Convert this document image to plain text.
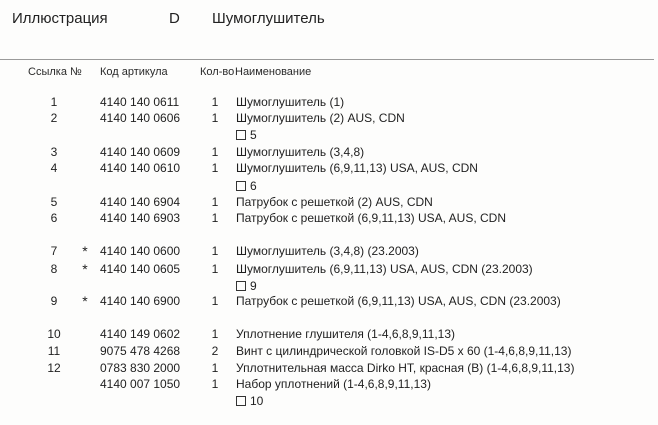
Иллюстрация	D Шумоглушитель
Ссылка № Код артикула	Кол-во Наименование
1	4140 140 0611	1	Шумоглушитель (1)
2	4140 140 0606	1	Шумоглушитель (2) AUS, CDN
5
3	4140 140 0609	1	Шумоглушитель (3,4,8)
4	4140 140 0610	1	Шумоглушитель (6,9,11,13) USA, AUS, CDN
6
5	4140 140 6904	1	Патрубок с решеткой (2) AUS, CDN
6	4140 140 6903	1	Патрубок с решеткой (6,9,11,13) USA, AUS, CDN
7	*	4140 140 0600	1	Шумоглушитель (3,4,8) (23.2003)
8	*	4140 140 0605	1	Шумоглушитель (6,9,11,13) USA, AUS, CDN (23.2003)
9
9	*	4140 140 6900	1	Патрубок с решеткой (6,9,11,13) USA, AUS, CDN (23.2003)
10	4140 149 0602	1	Уплотнение глушителя (1-4,6,8,9,11,13)
11	9075 478 4268	2	Винт с цилиндрической головкой IS-D5 x 60 (1-4,6,8,9,11,13)
12	0783 830 2000	1	Уплотнительная масса Dirko HT, красная (B) (1-4,6,8,9,11,13)
4140 007 1050	1	Набор уплотнений (1-4,6,8,9,11,13)
10
